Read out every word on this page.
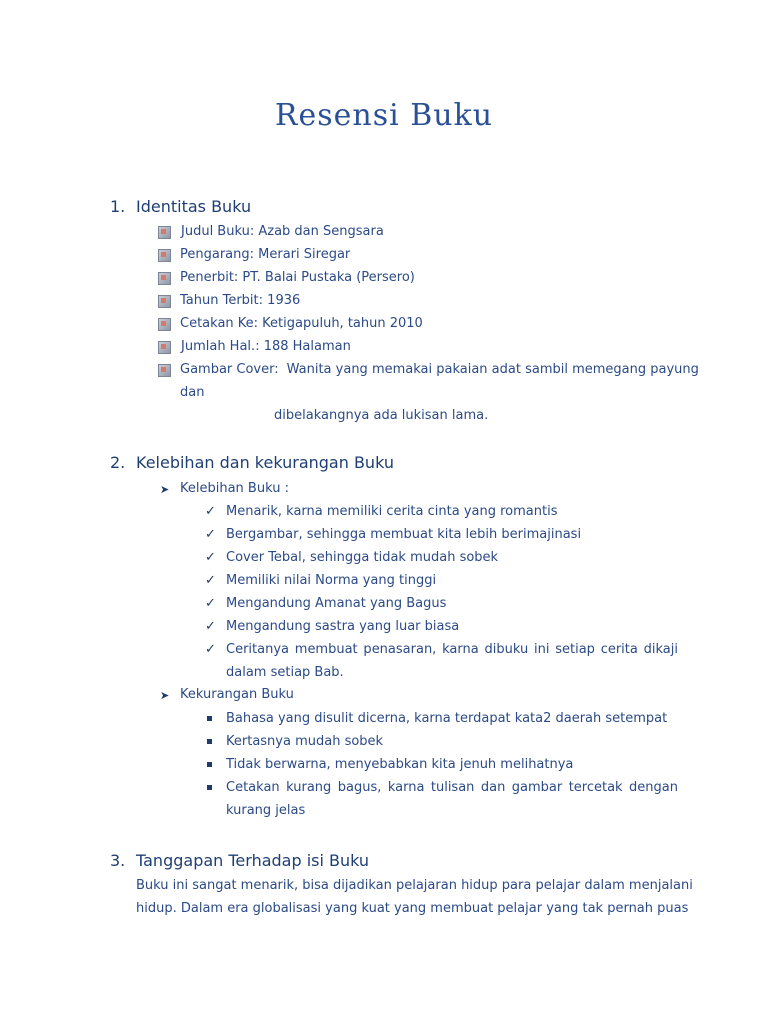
Resensi Buku
1. Identitas Buku
Judul Buku: Azab dan Sengsara
Pengarang: Merari Siregar
Penerbit: PT. Balai Pustaka (Persero)
Tahun Terbit: 1936
Cetakan Ke: Ketigapuluh, tahun 2010
Jumlah Hal.: 188 Halaman
Gambar Cover: Wanita yang memakai pakaian adat sambil memegang payung
dan
dibelakangnya ada lukisan lama.
2. Kelebihan dan kekurangan Buku
➤ Kelebihan Buku :
✓ Menarik, karna memiliki cerita cinta yang romantis
✓ Bergambar, sehingga membuat kita lebih berimajinasi
✓ Cover Tebal, sehingga tidak mudah sobek
✓ Memiliki nilai Norma yang tinggi
✓ Mengandung Amanat yang Bagus
✓ Mengandung sastra yang luar biasa
✓ Ceritanya membuat penasaran, karna dibuku ini setiap cerita dikaji
dalam setiap Bab.
➤ Kekurangan Buku
Bahasa yang disulit dicerna, karna terdapat kata2 daerah setempat
Kertasnya mudah sobek
Tidak berwarna, menyebabkan kita jenuh melihatnya
Cetakan kurang bagus, karna tulisan dan gambar tercetak dengan
kurang jelas
3. Tanggapan Terhadap isi Buku
Buku ini sangat menarik, bisa dijadikan pelajaran hidup para pelajar dalam menjalani
hidup. Dalam era globalisasi yang kuat yang membuat pelajar yang tak pernah puas
